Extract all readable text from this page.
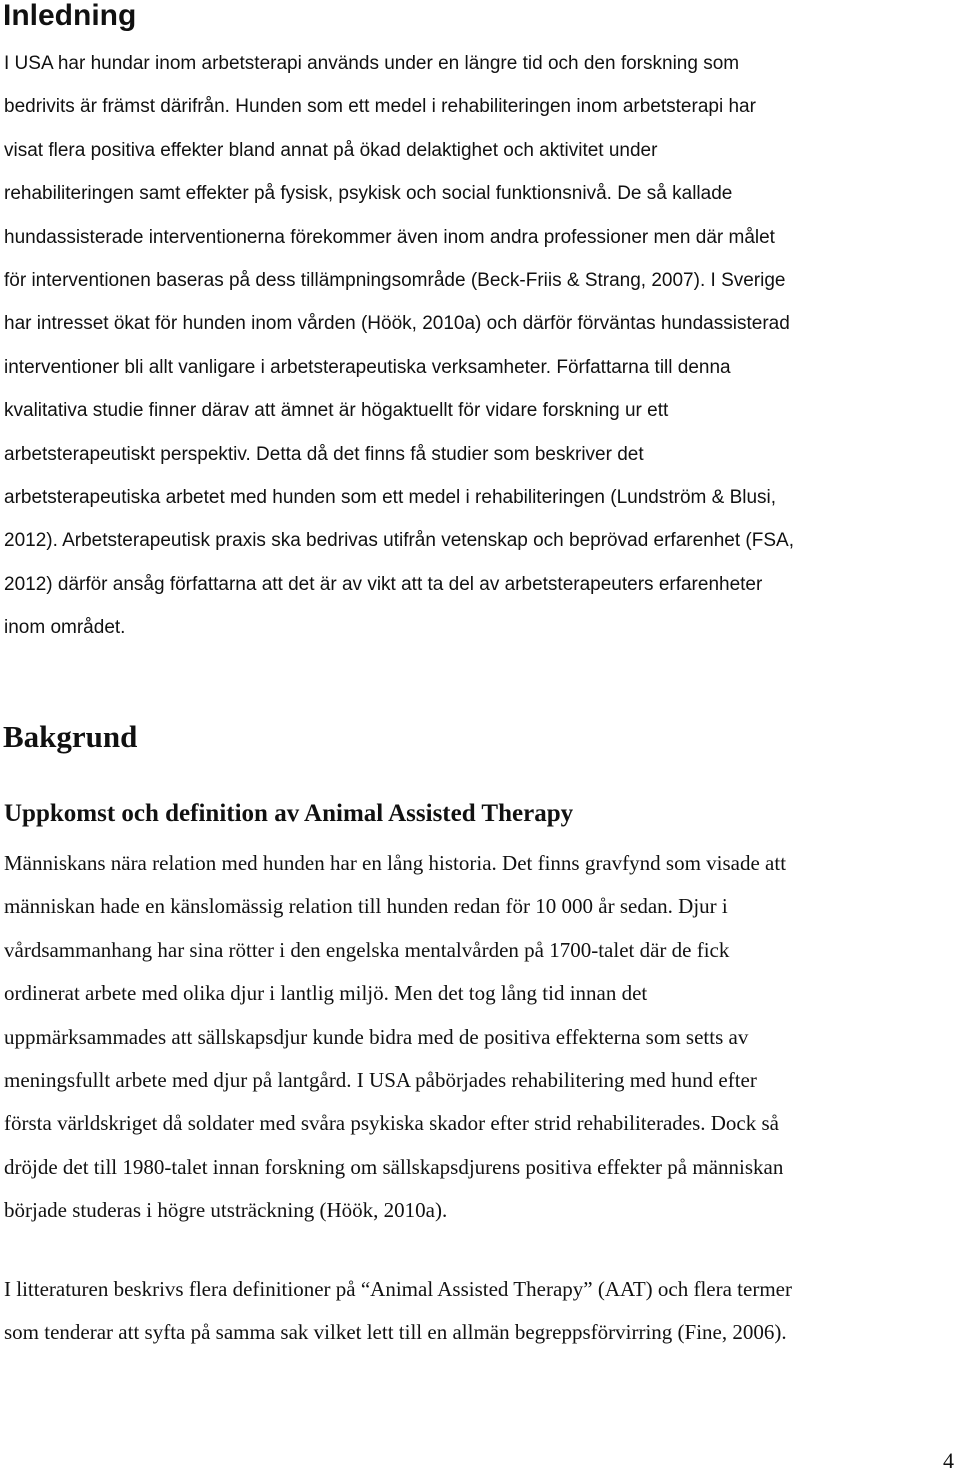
Inledning

I USA har hundar inom arbetsterapi används under en längre tid och den forskning som
bedrivits är främst därifrån. Hunden som ett medel i rehabiliteringen inom arbetsterapi har
visat flera positiva effekter bland annat på ökad delaktighet och aktivitet under
rehabiliteringen samt effekter på fysisk, psykisk och social funktionsnivå. De så kallade
hundassisterade interventionerna förekommer även inom andra professioner men där målet
för interventionen baseras på dess tillämpningsområde (Beck-Friis & Strang, 2007). I Sverige
har intresset ökat för hunden inom vården (Höök, 2010a) och därför förväntas hundassisterad
interventioner bli allt vanligare i arbetsterapeutiska verksamheter. Författarna till denna
kvalitativa studie finner därav att ämnet är högaktuellt för vidare forskning ur ett
arbetsterapeutiskt perspektiv. Detta då det finns få studier som beskriver det
arbetsterapeutiska arbetet med hunden som ett medel i rehabiliteringen (Lundström & Blusi,
2012). Arbetsterapeutisk praxis ska bedrivas utifrån vetenskap och beprövad erfarenhet (FSA,
2012) därför ansåg författarna att det är av vikt att ta del av arbetsterapeuters erfarenheter
inom området.

Bakgrund
Uppkomst och definition av Animal Assisted Therapy

Människans nära relation med hunden har en lång historia. Det finns gravfynd som visade att
människan hade en känslomässig relation till hunden redan för 10 000 år sedan. Djur i
vårdsammanhang har sina rötter i den engelska mentalvården på 1700-talet där de fick
ordinerat arbete med olika djur i lantlig miljö. Men det tog lång tid innan det
uppmärksammades att sällskapsdjur kunde bidra med de positiva effekterna som setts av
meningsfullt arbete med djur på lantgård. I USA påbörjades rehabilitering med hund efter
första världskriget då soldater med svåra psykiska skador efter strid rehabiliterades. Dock så
dröjde det till 1980-talet innan forskning om sällskapsdjurens positiva effekter på människan
började studeras i högre utsträckning (Höök, 2010a).

I litteraturen beskrivs flera definitioner på “Animal Assisted Therapy” (AAT) och flera termer
som tenderar att syfta på samma sak vilket lett till en allmän begreppsförvirring (Fine, 2006).

4
